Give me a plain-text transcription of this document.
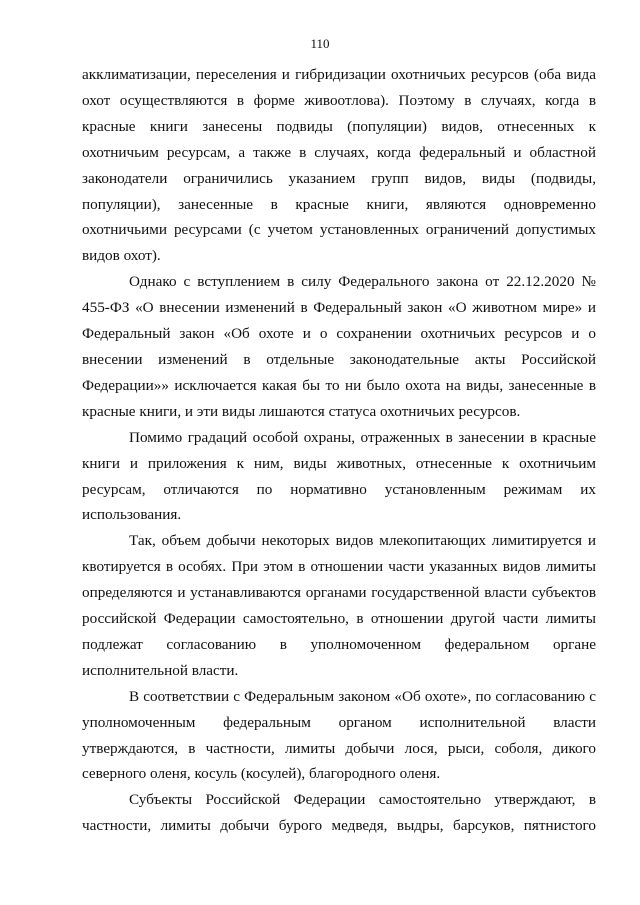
110

акклиматизации, переселения и гибридизации охотничьих ресурсов (оба вида охот осуществляются в форме живоотлова). Поэтому в случаях, когда в красные книги занесены подвиды (популяции) видов, отнесенных к охотничьим ресурсам, а также в случаях, когда федеральный и областной законодатели ограничились указанием групп видов, виды (подвиды, популяции), занесенные в красные книги, являются одновременно охотничьими ресурсами (с учетом установленных ограничений допустимых видов охот).

Однако с вступлением в силу Федерального закона от 22.12.2020 № 455-ФЗ «О внесении изменений в Федеральный закон «О животном мире» и Федеральный закон «Об охоте и о сохранении охотничьих ресурсов и о внесении изменений в отдельные законодательные акты Российской Федерации»» исключается какая бы то ни было охота на виды, занесенные в красные книги, и эти виды лишаются статуса охотничьих ресурсов.

Помимо градаций особой охраны, отраженных в занесении в красные книги и приложения к ним, виды животных, отнесенные к охотничьим ресурсам, отличаются по нормативно установленным режимам их использования.

Так, объем добычи некоторых видов млекопитающих лимитируется и квотируется в особях. При этом в отношении части указанных видов лимиты определяются и устанавливаются органами государственной власти субъектов российской Федерации самостоятельно, в отношении другой части лимиты подлежат согласованию в уполномоченном федеральном органе исполнительной власти.

В соответствии с Федеральным законом «Об охоте», по согласованию с уполномоченным федеральным органом исполнительной власти утверждаются, в частности, лимиты добычи лося, рыси, соболя, дикого северного оленя, косуль (косулей), благородного оленя.

Субъекты Российской Федерации самостоятельно утверждают, в частности, лимиты добычи бурого медведя, выдры, барсуков, пятнистого
